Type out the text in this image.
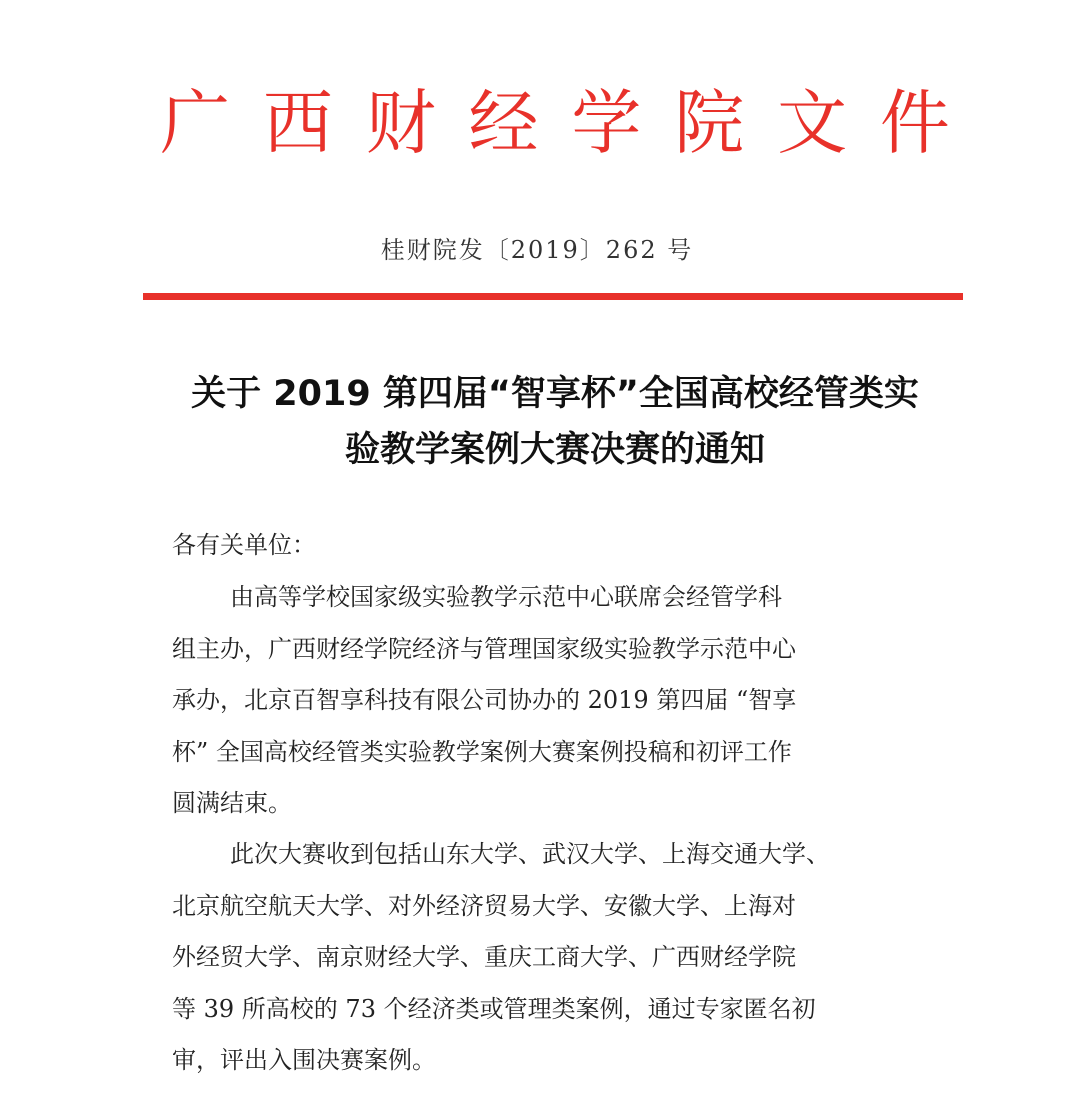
广 西 财 经 学 院 文 件
桂财院发〔2019〕262 号
关于 2019 第四届“智享杯”全国高校经管类实
验教学案例大赛决赛的通知
各有关单位：
由高等学校国家级实验教学示范中心联席会经管学科
组主办，广西财经学院经济与管理国家级实验教学示范中心
承办，北京百智享科技有限公司协办的 2019 第四届 “智享
杯” 全国高校经管类实验教学案例大赛案例投稿和初评工作
圆满结束。
此次大赛收到包括山东大学、武汉大学、上海交通大学、
北京航空航天大学、对外经济贸易大学、安徽大学、上海对
外经贸大学、南京财经大学、重庆工商大学、广西财经学院
等 39 所高校的 73 个经济类或管理类案例，通过专家匿名初
审，评出入围决赛案例。
